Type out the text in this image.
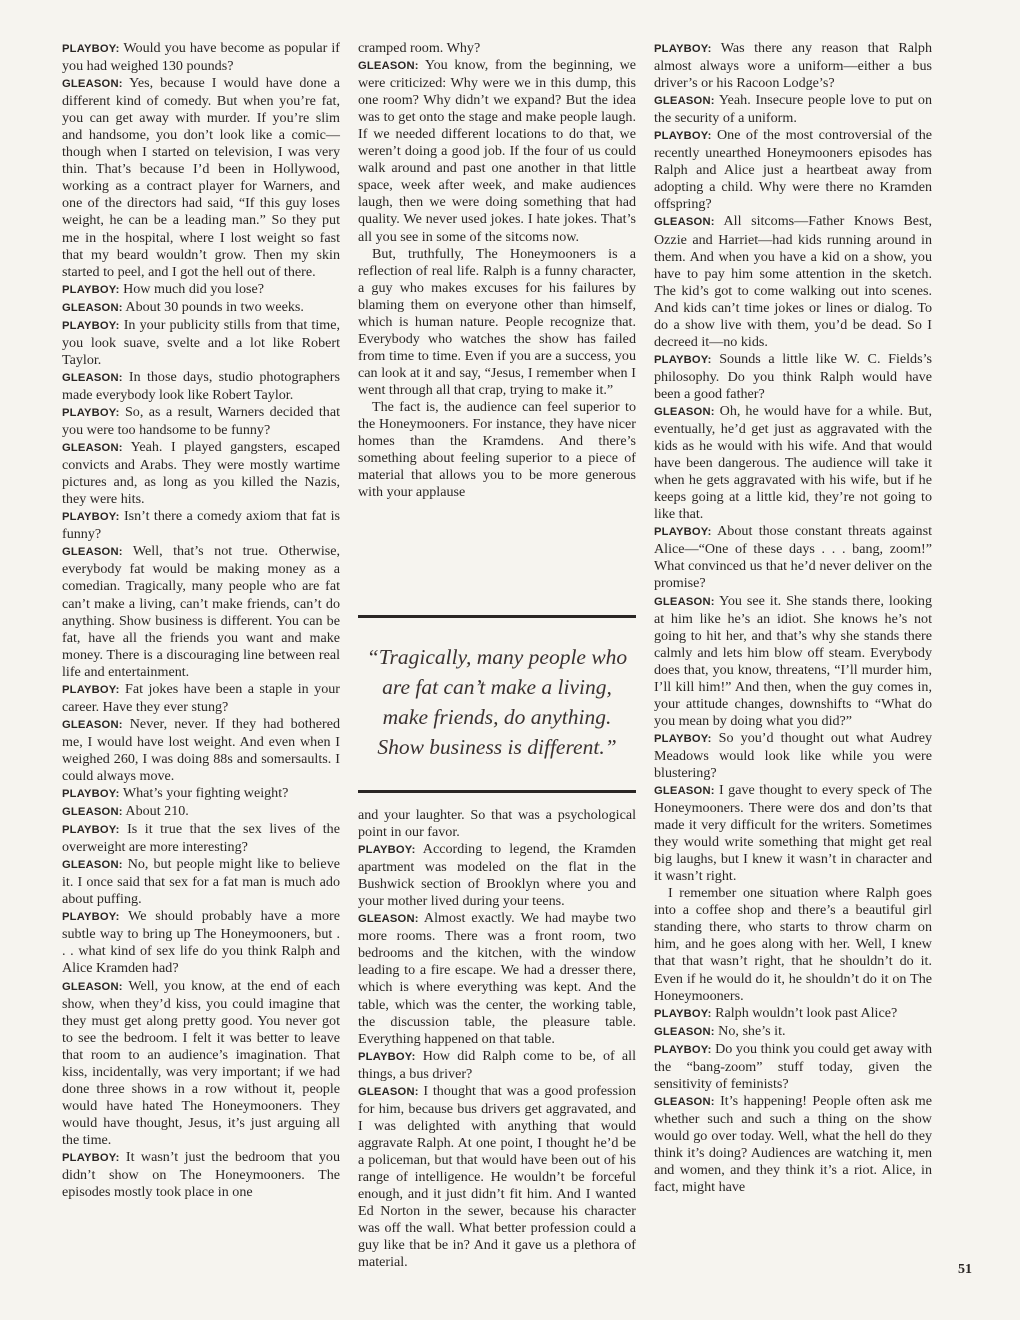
PLAYBOY: Would you have become as popular if you had weighed 130 pounds?

GLEASON: Yes, because I would have done a different kind of comedy. But when you’re fat, you can get away with murder. If you’re slim and handsome, you don’t look like a comic—though when I started on television, I was very thin. That’s because I’d been in Hollywood, working as a contract player for Warners, and one of the directors had said, “If this guy loses weight, he can be a leading man.” So they put me in the hospital, where I lost weight so fast that my beard wouldn’t grow. Then my skin started to peel, and I got the hell out of there.

PLAYBOY: How much did you lose?

GLEASON: About 30 pounds in two weeks.

PLAYBOY: In your publicity stills from that time, you look suave, svelte and a lot like Robert Taylor.

GLEASON: In those days, studio photographers made everybody look like Robert Taylor.

PLAYBOY: So, as a result, Warners decided that you were too handsome to be funny?

GLEASON: Yeah. I played gangsters, escaped convicts and Arabs. They were mostly wartime pictures and, as long as you killed the Nazis, they were hits.

PLAYBOY: Isn’t there a comedy axiom that fat is funny?

GLEASON: Well, that’s not true. Otherwise, everybody fat would be making money as a comedian. Tragically, many people who are fat can’t make a living, can’t make friends, can’t do anything. Show business is different. You can be fat, have all the friends you want and make money. There is a discouraging line between real life and entertainment.

PLAYBOY: Fat jokes have been a staple in your career. Have they ever stung?

GLEASON: Never, never. If they had bothered me, I would have lost weight. And even when I weighed 260, I was doing 88s and somersaults. I could always move.

PLAYBOY: What’s your fighting weight?

GLEASON: About 210.

PLAYBOY: Is it true that the sex lives of the overweight are more interesting?

GLEASON: No, but people might like to believe it. I once said that sex for a fat man is much ado about puffing.

PLAYBOY: We should probably have a more subtle way to bring up The Honeymooners, but . . . what kind of sex life do you think Ralph and Alice Kramden had?

GLEASON: Well, you know, at the end of each show, when they’d kiss, you could imagine that they must get along pretty good. You never got to see the bedroom. I felt it was better to leave that room to an audience’s imagination. That kiss, incidentally, was very important; if we had done three shows in a row without it, people would have hated The Honeymooners. They would have thought, Jesus, it’s just arguing all the time.

PLAYBOY: It wasn’t just the bedroom that you didn’t show on The Honeymooners. The episodes mostly took place in one

cramped room. Why?

GLEASON: You know, from the beginning, we were criticized: Why were we in this dump, this one room? Why didn’t we expand? But the idea was to get onto the stage and make people laugh. If we needed different locations to do that, we weren’t doing a good job. If the four of us could walk around and past one another in that little space, week after week, and make audiences laugh, then we were doing something that had quality. We never used jokes. I hate jokes. That’s all you see in some of the sitcoms now.

But, truthfully, The Honeymooners is a reflection of real life. Ralph is a funny character, a guy who makes excuses for his failures by blaming them on everyone other than himself, which is human nature. People recognize that. Everybody who watches the show has failed from time to time. Even if you are a success, you can look at it and say, “Jesus, I remember when I went through all that crap, trying to make it.”

The fact is, the audience can feel superior to the Honeymooners. For instance, they have nicer homes than the Kramdens. And there’s something about feeling superior to a piece of material that allows you to be more generous with your applause

“Tragically, many people who are fat can’t make a living, make friends, do anything. Show business is different.”

and your laughter. So that was a psychological point in our favor.

PLAYBOY: According to legend, the Kramden apartment was modeled on the flat in the Bushwick section of Brooklyn where you and your mother lived during your teens.

GLEASON: Almost exactly. We had maybe two more rooms. There was a front room, two bedrooms and the kitchen, with the window leading to a fire escape. We had a dresser there, which is where everything was kept. And the table, which was the center, the working table, the discussion table, the pleasure table. Everything happened on that table.

PLAYBOY: How did Ralph come to be, of all things, a bus driver?

GLEASON: I thought that was a good profession for him, because bus drivers get aggravated, and I was delighted with anything that would aggravate Ralph. At one point, I thought he’d be a policeman, but that would have been out of his range of intelligence. He wouldn’t be forceful enough, and it just didn’t fit him. And I wanted Ed Norton in the sewer, because his character was off the wall. What better profession could a guy like that be in? And it gave us a plethora of material.

PLAYBOY: Was there any reason that Ralph almost always wore a uniform—either a bus driver’s or his Racoon Lodge’s?

GLEASON: Yeah. Insecure people love to put on the security of a uniform.

PLAYBOY: One of the most controversial of the recently unearthed Honeymooners episodes has Ralph and Alice just a heartbeat away from adopting a child. Why were there no Kramden offspring?

GLEASON: All sitcoms—Father Knows Best, Ozzie and Harriet—had kids running around in them. And when you have a kid on a show, you have to pay him some attention in the sketch. The kid’s got to come walking out into scenes. And kids can’t time jokes or lines or dialog. To do a show live with them, you’d be dead. So I decreed it—no kids.

PLAYBOY: Sounds a little like W. C. Fields’s philosophy. Do you think Ralph would have been a good father?

GLEASON: Oh, he would have for a while. But, eventually, he’d get just as aggravated with the kids as he would with his wife. And that would have been dangerous. The audience will take it when he gets aggravated with his wife, but if he keeps going at a little kid, they’re not going to like that.

PLAYBOY: About those constant threats against Alice—“One of these days . . . bang, zoom!” What convinced us that he’d never deliver on the promise?

GLEASON: You see it. She stands there, looking at him like he’s an idiot. She knows he’s not going to hit her, and that’s why she stands there calmly and lets him blow off steam. Everybody does that, you know, threatens, “I’ll murder him, I’ll kill him!” And then, when the guy comes in, your attitude changes, downshifts to “What do you mean by doing what you did?”

PLAYBOY: So you’d thought out what Audrey Meadows would look like while you were blustering?

GLEASON: I gave thought to every speck of The Honeymooners. There were dos and don’ts that made it very difficult for the writers. Sometimes they would write something that might get real big laughs, but I knew it wasn’t in character and it wasn’t right.

I remember one situation where Ralph goes into a coffee shop and there’s a beautiful girl standing there, who starts to throw charm on him, and he goes along with her. Well, I knew that that wasn’t right, that he shouldn’t do it. Even if he would do it, he shouldn’t do it on The Honeymooners.

PLAYBOY: Ralph wouldn’t look past Alice?

GLEASON: No, she’s it.

PLAYBOY: Do you think you could get away with the “bang-zoom” stuff today, given the sensitivity of feminists?

GLEASON: It’s happening! People often ask me whether such and such a thing on the show would go over today. Well, what the hell do they think it’s doing? Audiences are watching it, men and women, and they think it’s a riot. Alice, in fact, might have

51
